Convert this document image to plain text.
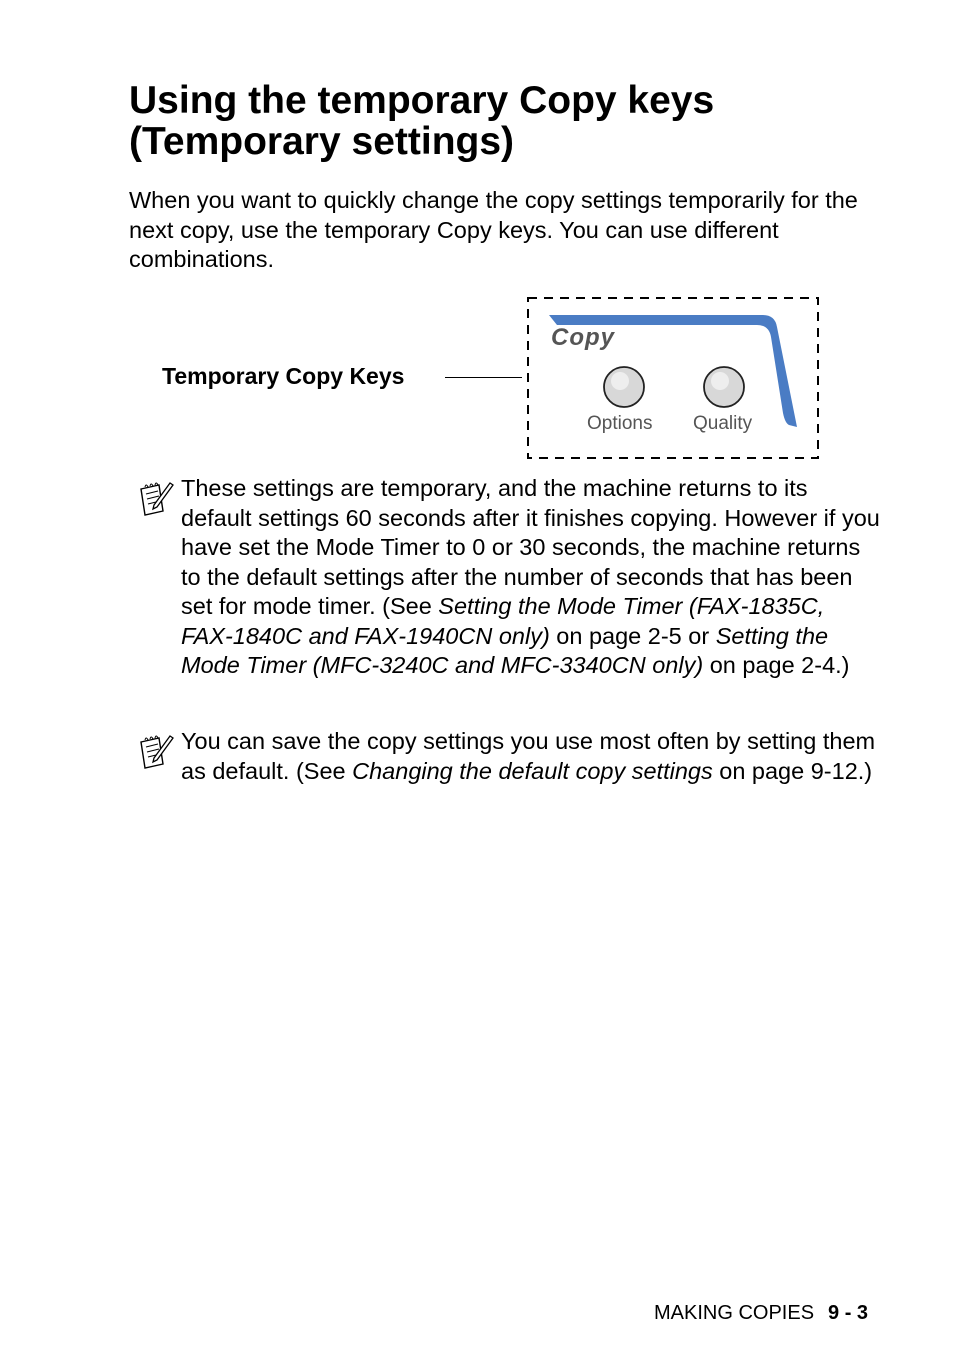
Using the temporary Copy keys
(Temporary settings)

When you want to quickly change the copy settings temporarily for the next copy, use the temporary Copy keys. You can use different combinations.

Temporary Copy Keys
Copy
Options Quality

These settings are temporary, and the machine returns to its default settings 60 seconds after it finishes copying. However if you have set the Mode Timer to 0 or 30 seconds, the machine returns to the default settings after the number of seconds that has been set for mode timer. (See Setting the Mode Timer (FAX-1835C, FAX-1840C and FAX-1940CN only) on page 2-5 or Setting the Mode Timer (MFC-3240C and MFC-3340CN only) on page 2-4.)

You can save the copy settings you use most often by setting them as default. (See Changing the default copy settings on page 9-12.)

MAKING COPIES 9 - 3
